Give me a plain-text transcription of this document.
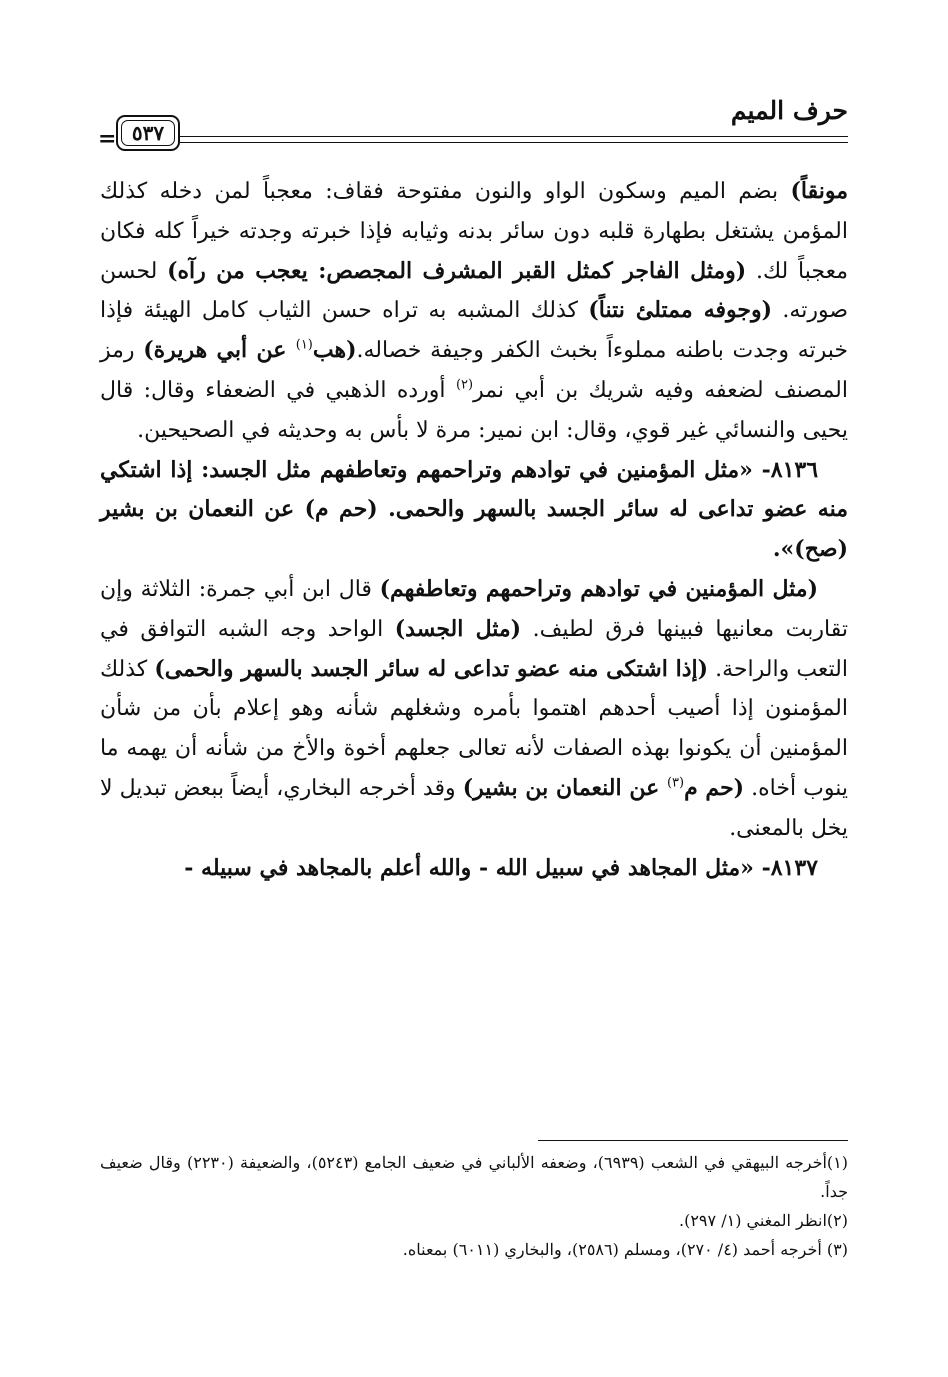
حرف الميم
= ٥٣٧

مونقاً) بضم الميم وسكون الواو والنون مفتوحة فقاف: معجباً لمن دخله كذلك المؤمن يشتغل بطهارة قلبه دون سائر بدنه وثيابه فإذا خبرته وجدته خيراً كله فكان معجباً لك. (ومثل الفاجر كمثل القبر المشرف المجصص: يعجب من رآه) لحسن صورته. (وجوفه ممتلئ نتناً) كذلك المشبه به تراه حسن الثياب كامل الهيئة فإذا خبرته وجدت باطنه مملوءاً بخبث الكفر وجيفة خصاله.(هب$^{(١)}$ عن أبي هريرة) رمز المصنف لضعفه وفيه شريك بن أبي نمر$^{(٢)}$ أورده الذهبي في الضعفاء وقال: قال يحيى والنسائي غير قوي، وقال: ابن نمير: مرة لا بأس به وحديثه في الصحيحين.

٨١٣٦- «مثل المؤمنين في توادهم وتراحمهم وتعاطفهم مثل الجسد: إذا اشتكي منه عضو تداعى له سائر الجسد بالسهر والحمى. (حم م) عن النعمان بن بشير (صح)».

(مثل المؤمنين في توادهم وتراحمهم وتعاطفهم) قال ابن أبي جمرة: الثلاثة وإن تقاربت معانيها فبينها فرق لطيف. (مثل الجسد) الواحد وجه الشبه التوافق في التعب والراحة. (إذا اشتكى منه عضو تداعى له سائر الجسد بالسهر والحمى) كذلك المؤمنون إذا أصيب أحدهم اهتموا بأمره وشغلهم شأنه وهو إعلام بأن من شأن المؤمنين أن يكونوا بهذه الصفات لأنه تعالى جعلهم أخوة والأخ من شأنه أن يهمه ما ينوب أخاه. (حم م$^{(٣)}$ عن النعمان بن بشير) وقد أخرجه البخاري، أيضاً ببعض تبديل لا يخل بالمعنى.

٨١٣٧- «مثل المجاهد في سبيل الله - والله أعلم بالمجاهد في سبيله -

(١)أخرجه البيهقي في الشعب (٦٩٣٩)، وضعفه الألباني في ضعيف الجامع (٥٢٤٣)، والضعيفة (٢٢٣٠) وقال ضعيف جداً.

(٢)انظر المغني (١/ ٢٩٧).

(٣) أخرجه أحمد (٤/ ٢٧٠)، ومسلم (٢٥٨٦)، والبخاري (٦٠١١) بمعناه.
